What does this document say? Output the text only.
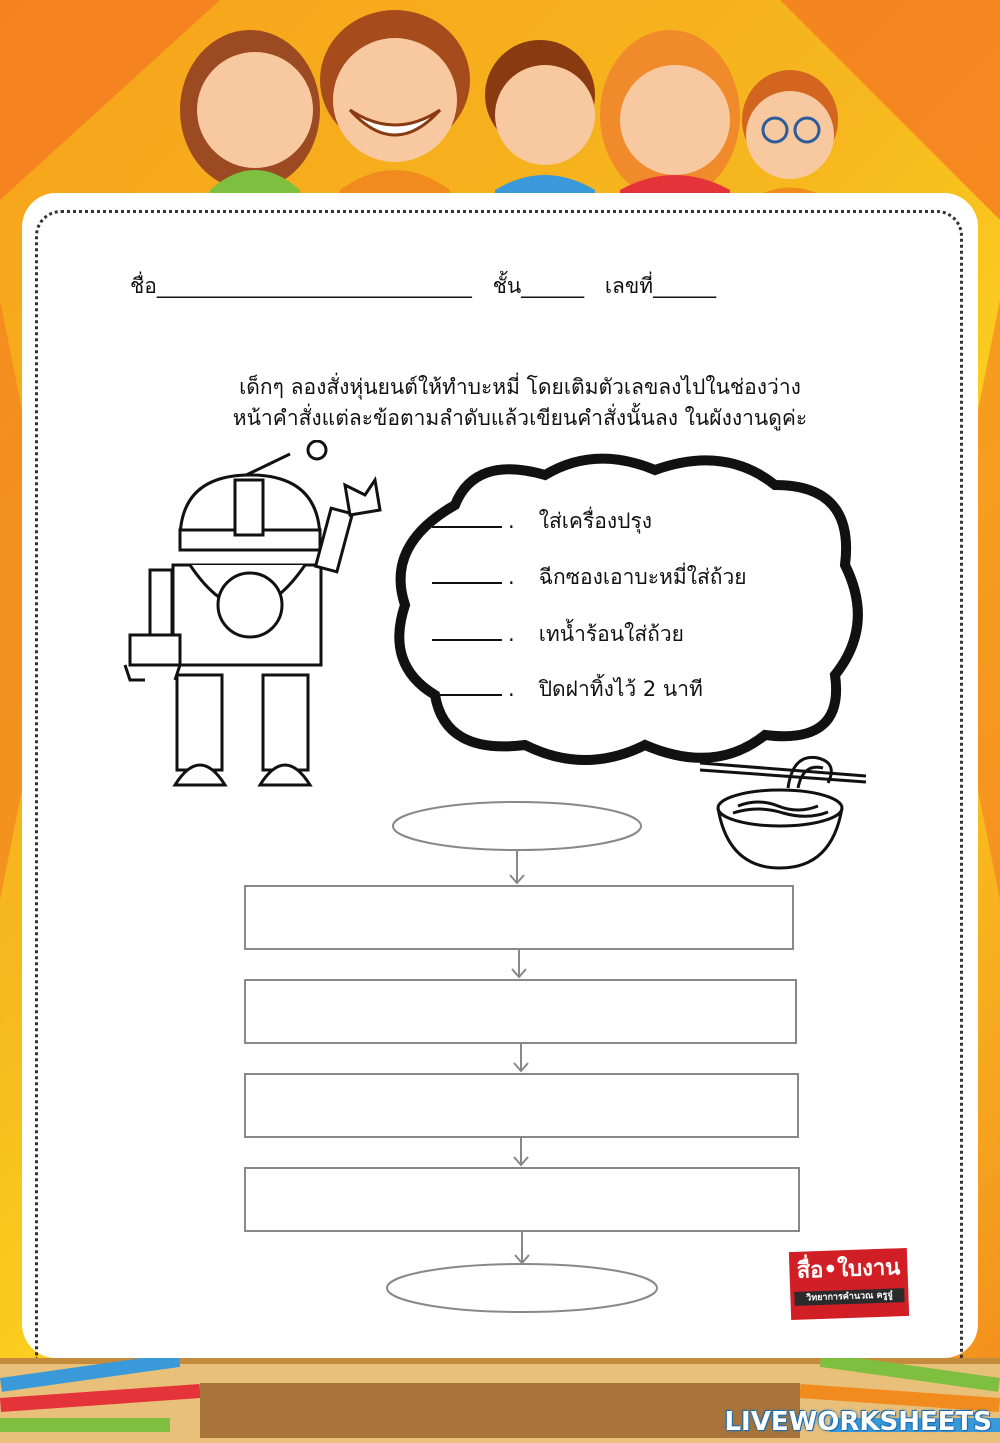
ชื่อ______________________________ ชั้น______ เลขที่______
เด็กๆ ลองสั่งหุ่นยนต์ให้ทำบะหมี่ โดยเติมตัวเลขลงไปในช่องว่าง
หน้าคำสั่งแต่ละข้อตามลำดับแล้วเขียนคำสั่งนั้นลง ในผังงานดูค่ะ
. ใส่เครื่องปรุง
. ฉีกซองเอาบะหมี่ใส่ถ้วย
. เทน้ำร้อนใส่ถ้วย
. ปิดฝาทิ้งไว้ 2 นาที
สื่อ•ใบงาน
วิทยาการคำนวณ ครูจู๋
LIVEWORKSHEETS
